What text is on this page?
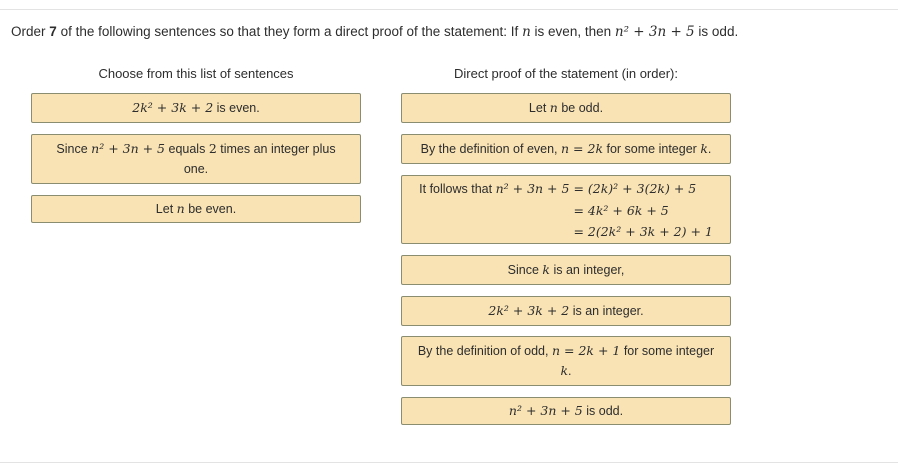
Order 7 of the following sentences so that they form a direct proof of the statement: If n is even, then n² + 3n + 5 is odd.
Choose from this list of sentences	Direct proof of the statement (in order):
2k² + 3k + 2 is even.
Since n² + 3n + 5 equals 2 times an integer plus one.
Let n be even.
Let n be odd.
By the definition of even, n = 2k for some integer k.
It follows that n² + 3n + 5 = (2k)² + 3(2k) + 5
= 4k² + 6k + 5
= 2(2k² + 3k + 2) + 1
Since k is an integer,
2k² + 3k + 2 is an integer.
By the definition of odd, n = 2k + 1 for some integer k.
n² + 3n + 5 is odd.
